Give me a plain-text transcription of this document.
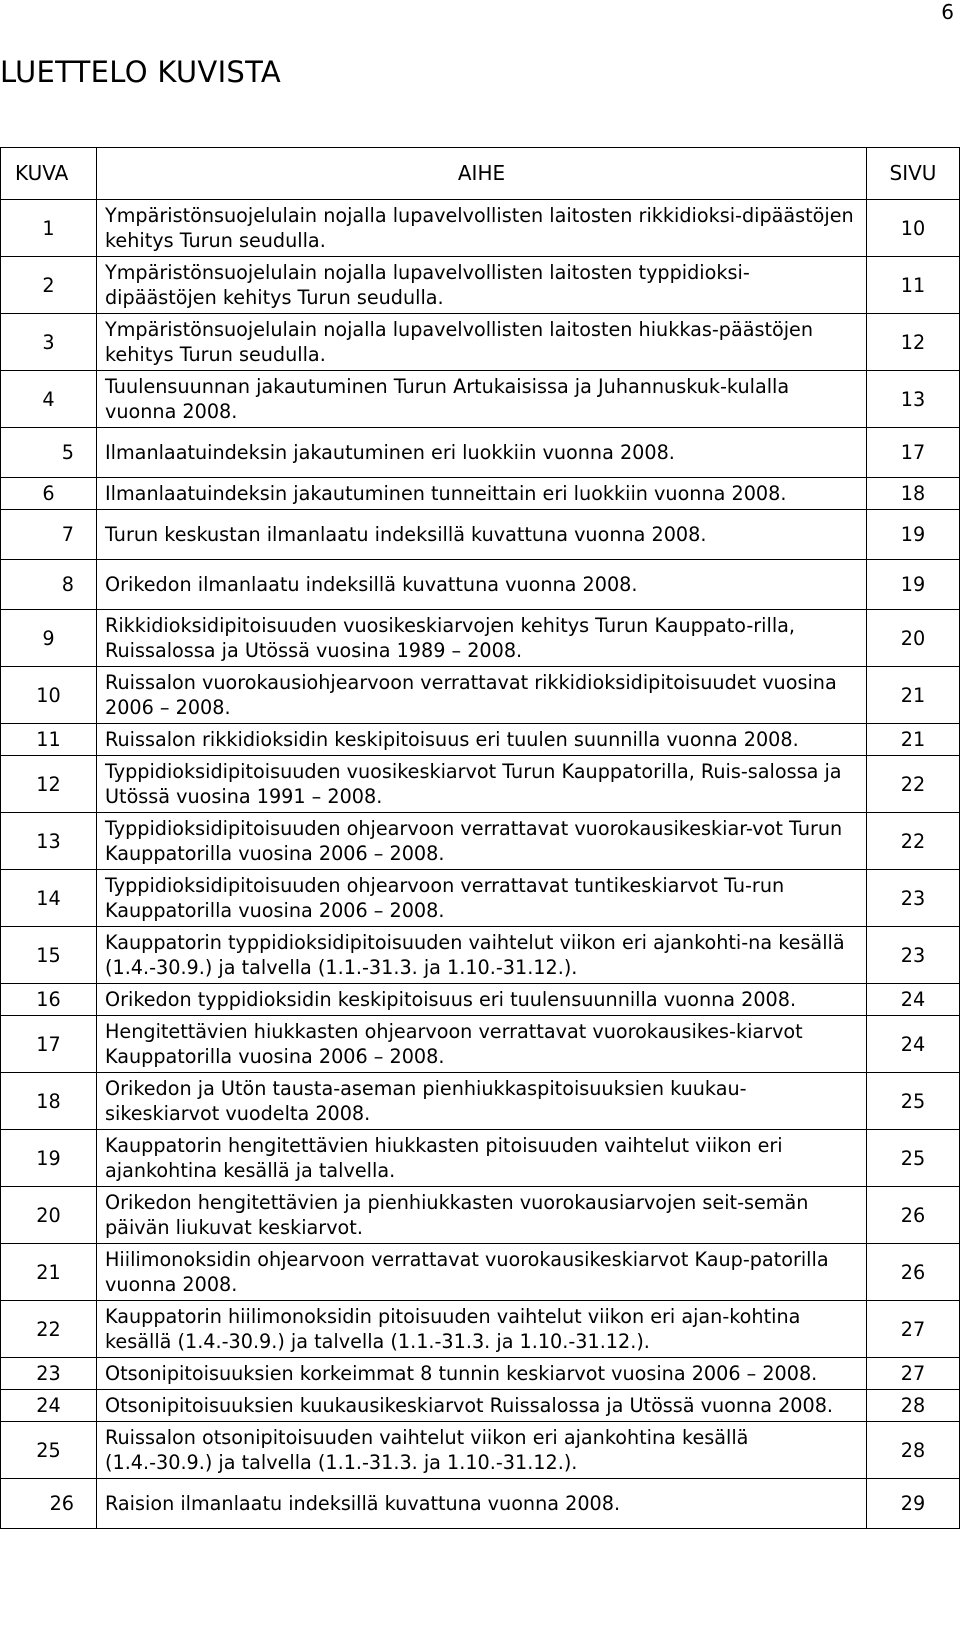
6
LUETTELO KUVISTA
KUVA	AIHE	SIVU
1	Ympäristönsuojelulain nojalla lupavelvollisten laitosten rikkidioksi-dipäästöjen kehitys Turun seudulla.	10
2	Ympäristönsuojelulain nojalla lupavelvollisten laitosten typpidioksi-dipäästöjen kehitys Turun seudulla.	11
3	Ympäristönsuojelulain nojalla lupavelvollisten laitosten hiukkas-päästöjen kehitys Turun seudulla.	12
4	Tuulensuunnan jakautuminen Turun Artukaisissa ja Juhannuskuk-kulalla vuonna 2008.	13
5	Ilmanlaatuindeksin jakautuminen eri luokkiin vuonna 2008.	17
6	Ilmanlaatuindeksin jakautuminen tunneittain eri luokkiin vuonna 2008.	18
7	Turun keskustan ilmanlaatu indeksillä kuvattuna vuonna 2008.	19
8	Orikedon ilmanlaatu indeksillä kuvattuna vuonna 2008.	19
9	Rikkidioksidipitoisuuden vuosikeskiarvojen kehitys Turun Kauppato-rilla, Ruissalossa ja Utössä vuosina 1989 – 2008.	20
10	Ruissalon vuorokausiohjearvoon verrattavat rikkidioksidipitoisuudet vuosina 2006 – 2008.	21
11	Ruissalon rikkidioksidin keskipitoisuus eri tuulen suunnilla vuonna 2008.	21
12	Typpidioksidipitoisuuden vuosikeskiarvot Turun Kauppatorilla, Ruis-salossa ja Utössä vuosina 1991 – 2008.	22
13	Typpidioksidipitoisuuden ohjearvoon verrattavat vuorokausikeskiar-vot Turun Kauppatorilla vuosina 2006 – 2008.	22
14	Typpidioksidipitoisuuden ohjearvoon verrattavat tuntikeskiarvot Tu-run Kauppatorilla vuosina 2006 – 2008.	23
15	Kauppatorin typpidioksidipitoisuuden vaihtelut viikon eri ajankohti-na kesällä (1.4.-30.9.) ja talvella (1.1.-31.3. ja 1.10.-31.12.).	23
16	Orikedon typpidioksidin keskipitoisuus eri tuulensuunnilla vuonna 2008.	24
17	Hengitettävien hiukkasten ohjearvoon verrattavat vuorokausikes-kiarvot Kauppatorilla vuosina 2006 – 2008.	24
18	Orikedon ja Utön tausta-aseman pienhiukkaspitoisuuksien kuukau-sikeskiarvot vuodelta 2008.	25
19	Kauppatorin hengitettävien hiukkasten pitoisuuden vaihtelut viikon eri ajankohtina kesällä ja talvella.	25
20	Orikedon hengitettävien ja pienhiukkasten vuorokausiarvojen seit-semän päivän liukuvat keskiarvot.	26
21	Hiilimonoksidin ohjearvoon verrattavat vuorokausikeskiarvot Kaup-patorilla vuonna 2008.	26
22	Kauppatorin hiilimonoksidin pitoisuuden vaihtelut viikon eri ajan-kohtina kesällä (1.4.-30.9.) ja talvella (1.1.-31.3. ja 1.10.-31.12.).	27
23	Otsonipitoisuuksien korkeimmat 8 tunnin keskiarvot vuosina 2006 – 2008.	27
24	Otsonipitoisuuksien kuukausikeskiarvot Ruissalossa ja Utössä vuonna 2008.	28
25	Ruissalon otsonipitoisuuden vaihtelut viikon eri ajankohtina kesällä (1.4.-30.9.) ja talvella (1.1.-31.3. ja 1.10.-31.12.).	28
26	Raision ilmanlaatu indeksillä kuvattuna vuonna 2008.	29
